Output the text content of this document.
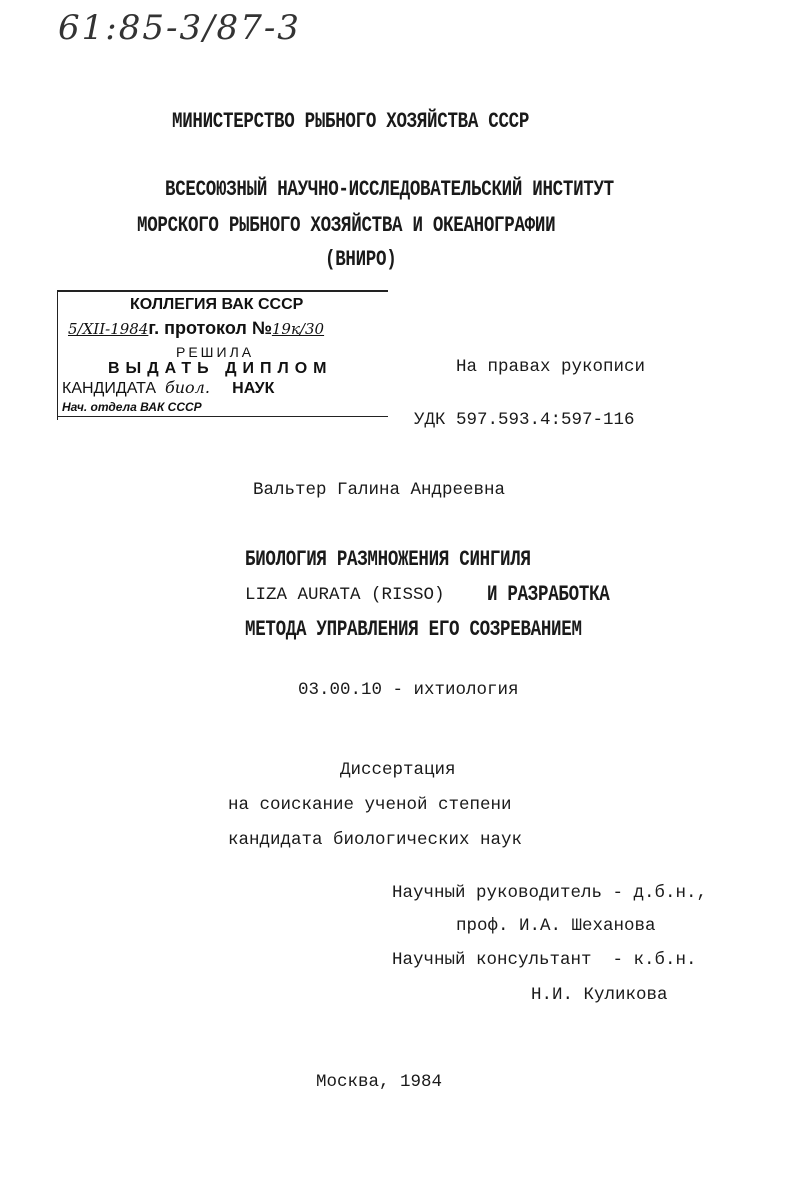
61:85-3/87-3
МИНИСТЕРСТВО РЫБНОГО ХОЗЯЙСТВА СССР
ВСЕСОЮЗНЫЙ НАУЧНО-ИССЛЕДОВАТЕЛЬСКИЙ ИНСТИТУТ
МОРСКОГО РЫБНОГО ХОЗЯЙСТВА И ОКЕАНОГРАФИИ
(ВНИРО)
КОЛЛЕГИЯ ВАК СССР
5/XII-1984г. протокол №19к/30
РЕШИЛА
ВЫДАТЬ ДИПЛОМ
КАНДИДАТА биол. НАУК
Нач. отдела ВАК СССР
На правах рукописи
УДК 597.593.4:597-116
Вальтер Галина Андреевна
БИОЛОГИЯ РАЗМНОЖЕНИЯ СИНГИЛЯ
LIZA AURATA (RISSO) И РАЗРАБОТКА
МЕТОДА УПРАВЛЕНИЯ ЕГО СОЗРЕВАНИЕМ
03.00.10 - ихтиология
Диссертация
на соискание ученой степени
кандидата биологических наук
Научный руководитель - д.б.н.,
проф. И.А. Шеханова
Научный консультант  - к.б.н.
Н.И. Куликова
Москва, 1984
